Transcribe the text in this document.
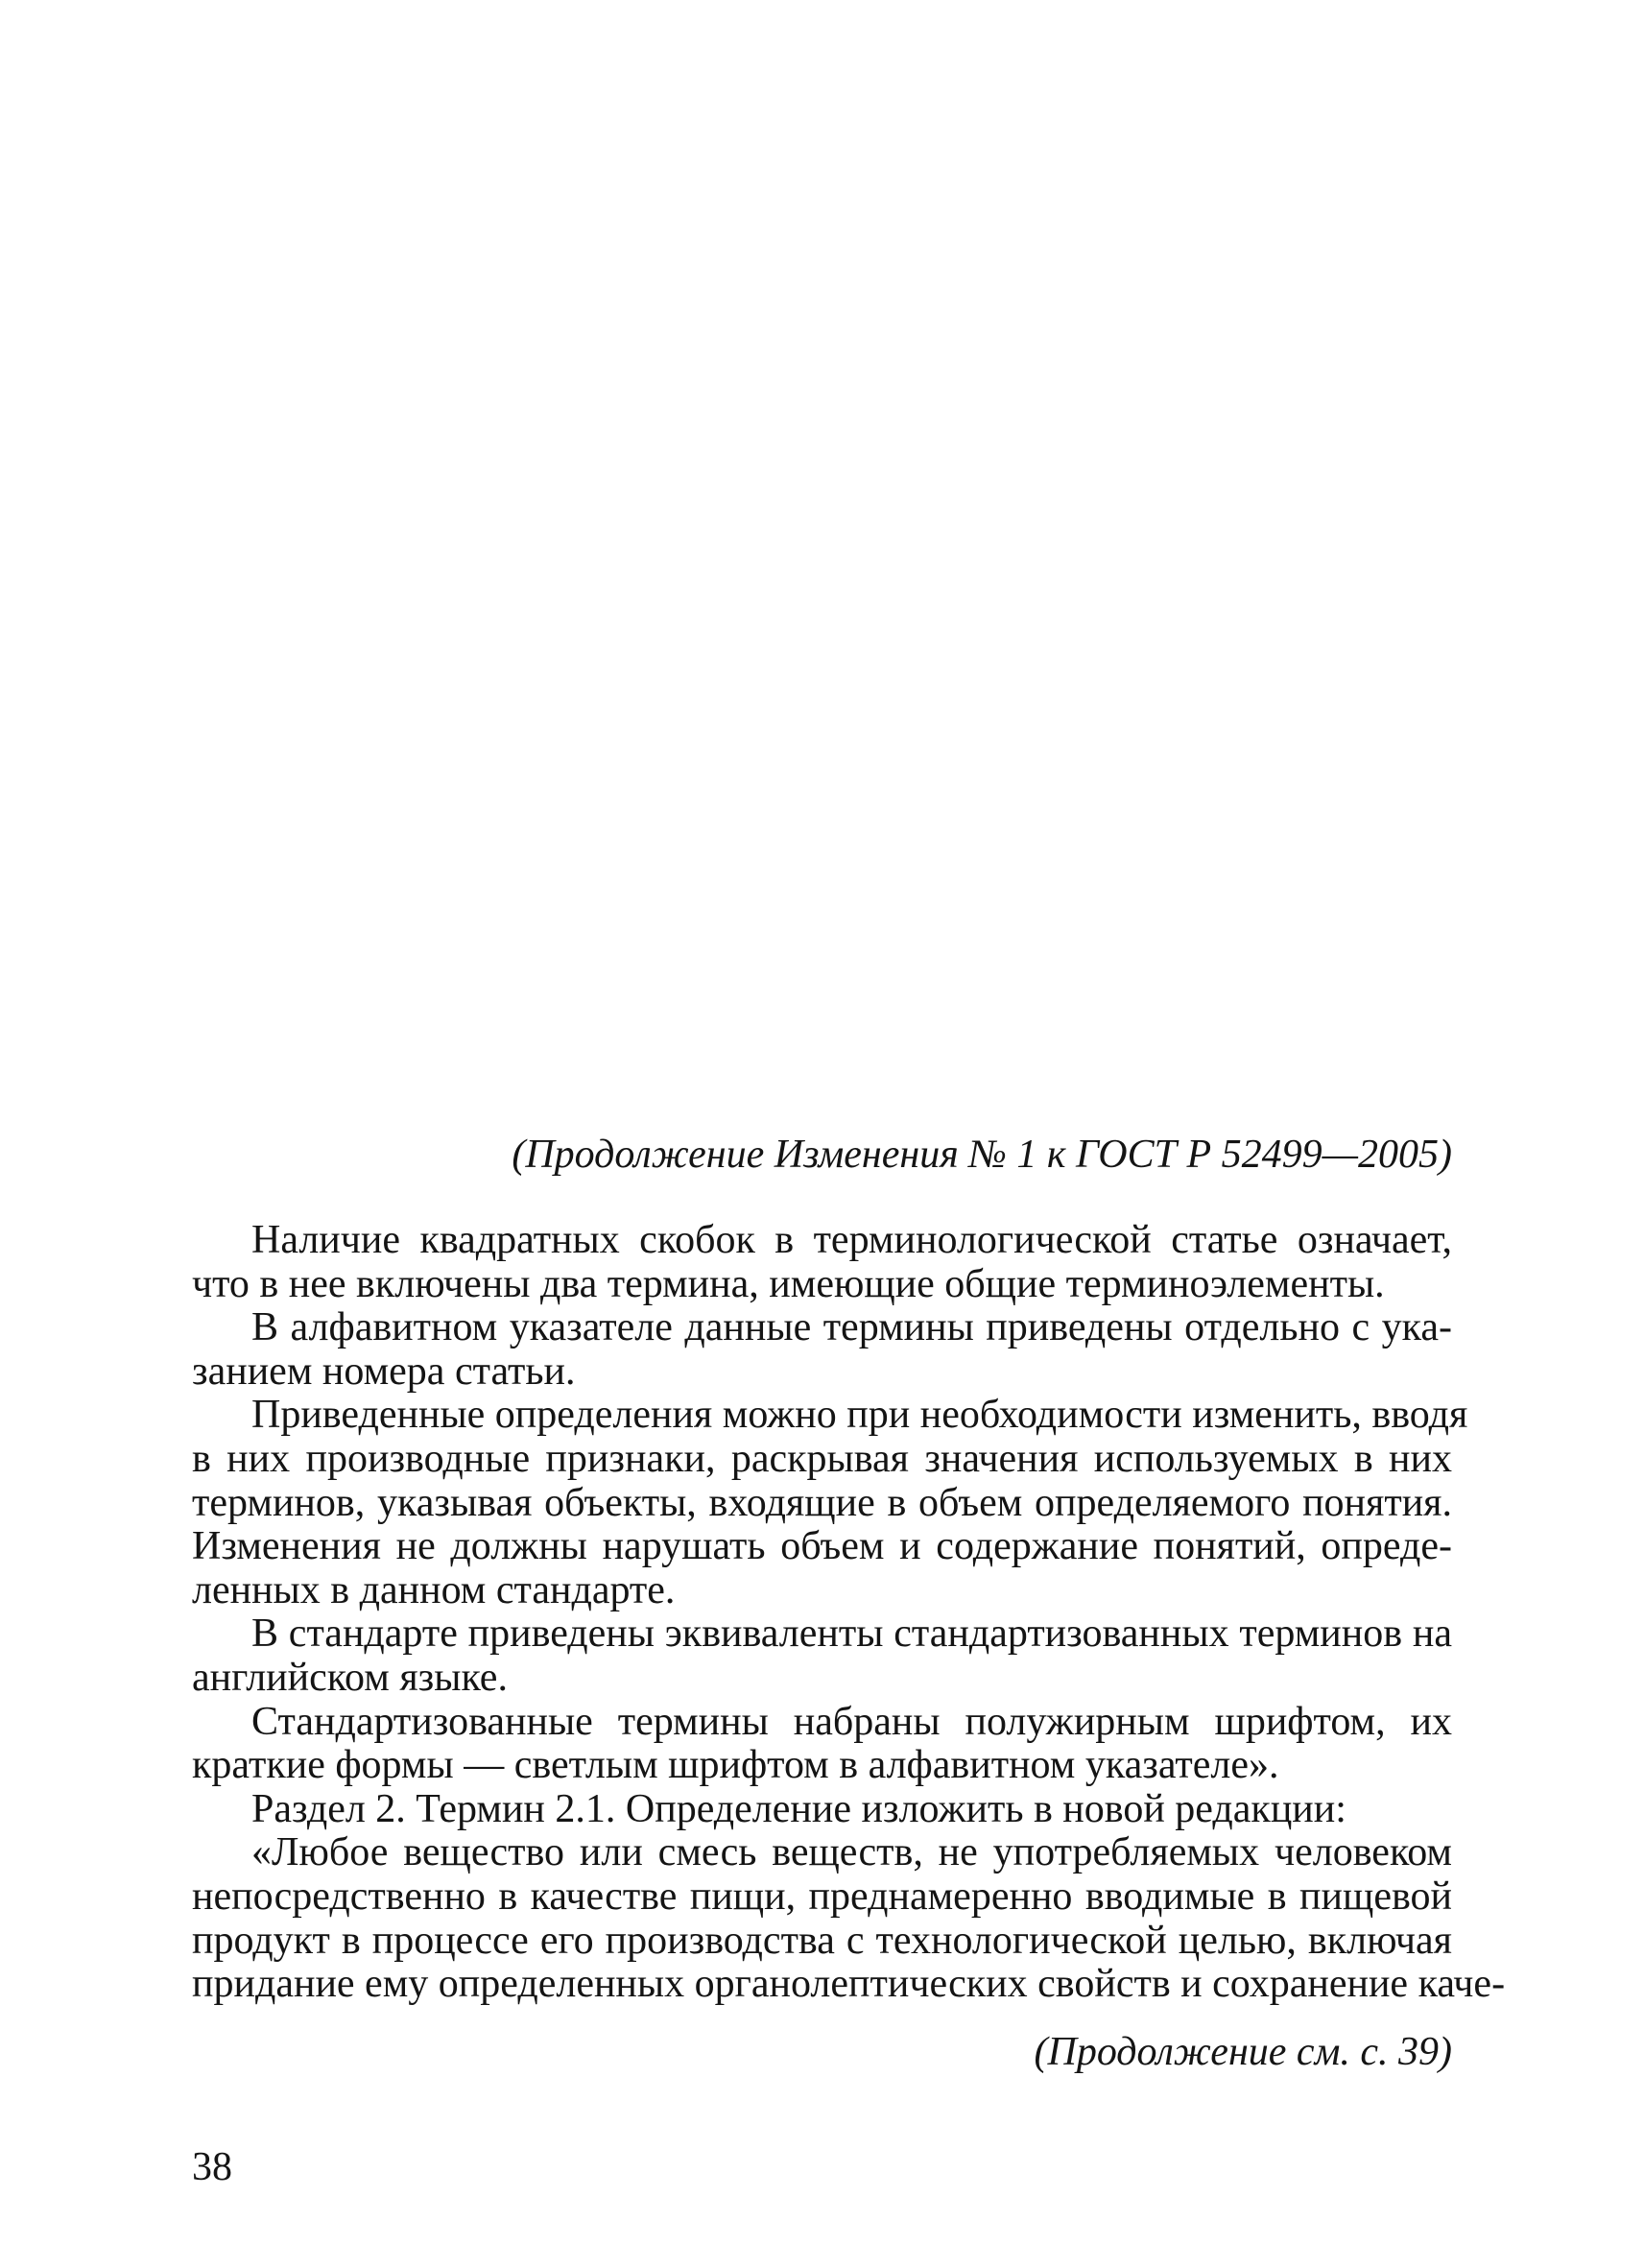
(Продолжение Изменения № 1 к ГОСТ Р 52499—2005)
Наличие квадратных скобок в терминологической статье означает,
что в нее включены два термина, имеющие общие терминоэлементы.
В алфавитном указателе данные термины приведены отдельно с ука-
занием номера статьи.
Приведенные определения можно при необходимости изменить, вводя
в них производные признаки, раскрывая значения используемых в них
терминов, указывая объекты, входящие в объем определяемого понятия.
Изменения не должны нарушать объем и содержание понятий, опреде-
ленных в данном стандарте.
В стандарте приведены эквиваленты стандартизованных терминов на
английском языке.
Стандартизованные термины набраны полужирным шрифтом, их
краткие формы — светлым шрифтом в алфавитном указателе».
Раздел 2. Термин 2.1. Определение изложить в новой редакции:
«Любое вещество или смесь веществ, не употребляемых человеком
непосредственно в качестве пищи, преднамеренно вводимые в пищевой
продукт в процессе его производства с технологической целью, включая
придание ему определенных органолептических свойств и сохранение каче-
(Продолжение см. с. 39)
38
